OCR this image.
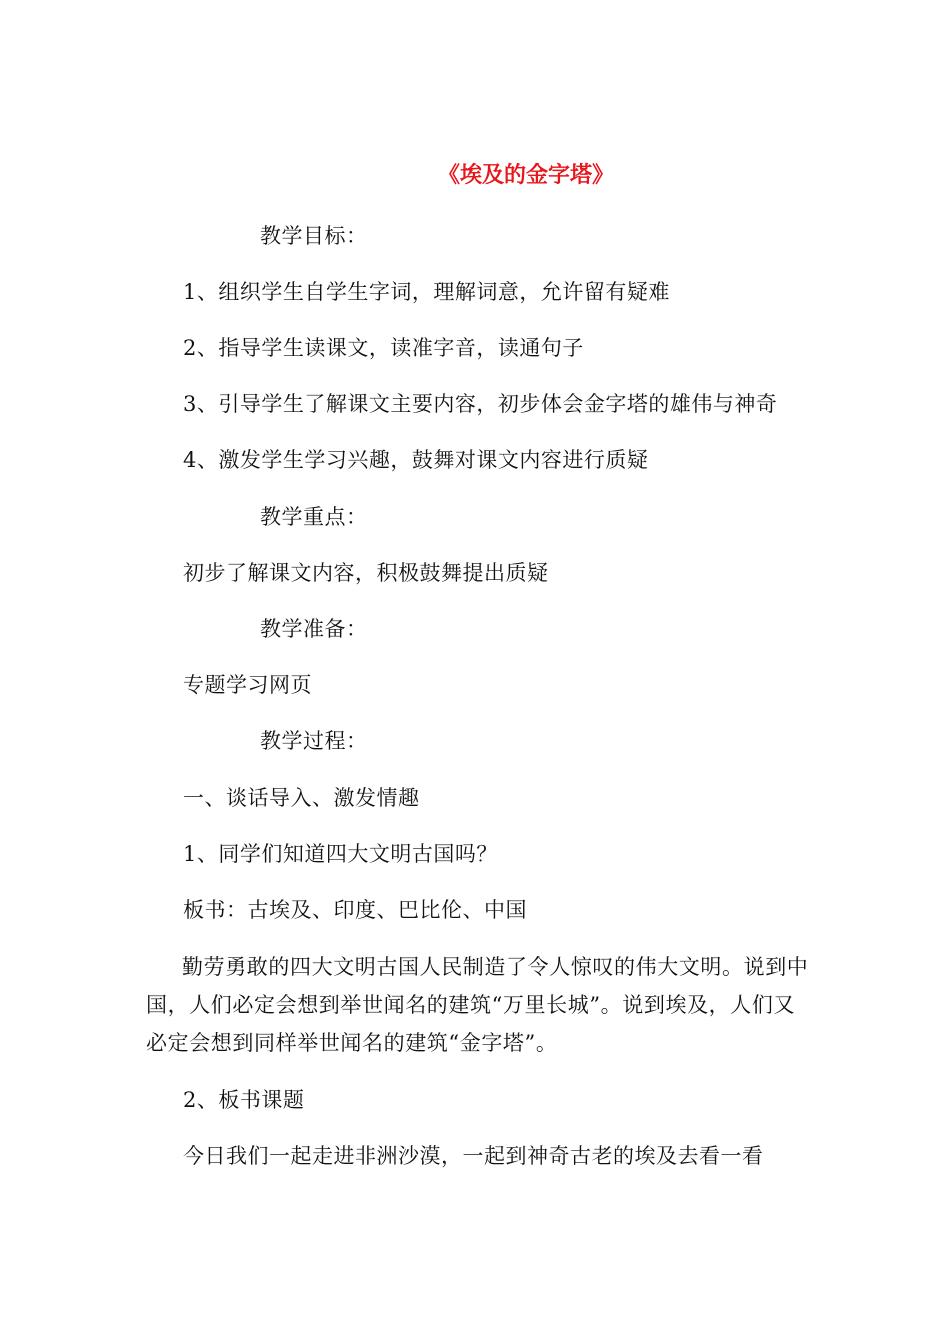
《埃及的金字塔》
教学目标：
1、组织学生自学生字词，理解词意，允许留有疑难
2、指导学生读课文，读准字音，读通句子
3、引导学生了解课文主要内容，初步体会金字塔的雄伟与神奇
4、激发学生学习兴趣，鼓舞对课文内容进行质疑
教学重点：
初步了解课文内容，积极鼓舞提出质疑
教学准备：
专题学习网页
教学过程：
一、谈话导入、激发情趣
1、同学们知道四大文明古国吗？
板书：古埃及、印度、巴比伦、中国
勤劳勇敢的四大文明古国人民制造了令人惊叹的伟大文明。说到中国，人们必定会想到举世闻名的建筑“万里长城”。说到埃及，人们又必定会想到同样举世闻名的建筑“金字塔”。
2、板书课题
今日我们一起走进非洲沙漠，一起到神奇古老的埃及去看一看
